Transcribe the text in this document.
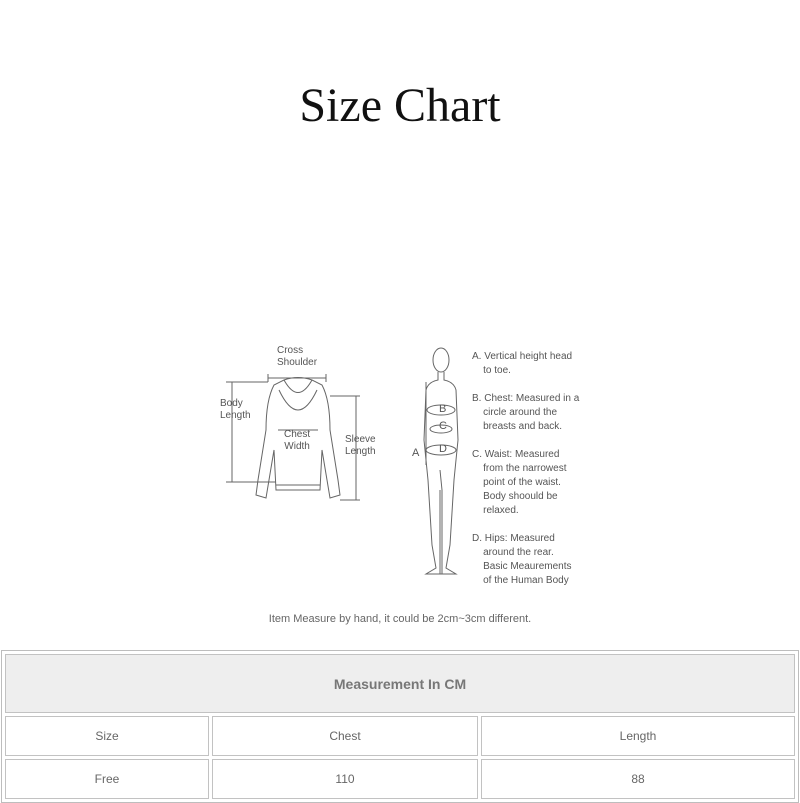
Size Chart
Cross
Shoulder
Body
Length
Chest
Width
Sleeve
Length	A
B
C
D
A. Vertical height head
to toe.
B. Chest: Measured in a
circle around the
breasts and back.
C. Waist: Measured
from the narrowest
point of the waist.
Body shoould be
relaxed.
D. Hips: Measured
around the rear.
Basic Meaurements
of the Human Body
Item Measure by hand, it could be 2cm~3cm different.
Measurement In CM		
Size	Chest	Length
Free	110	88
